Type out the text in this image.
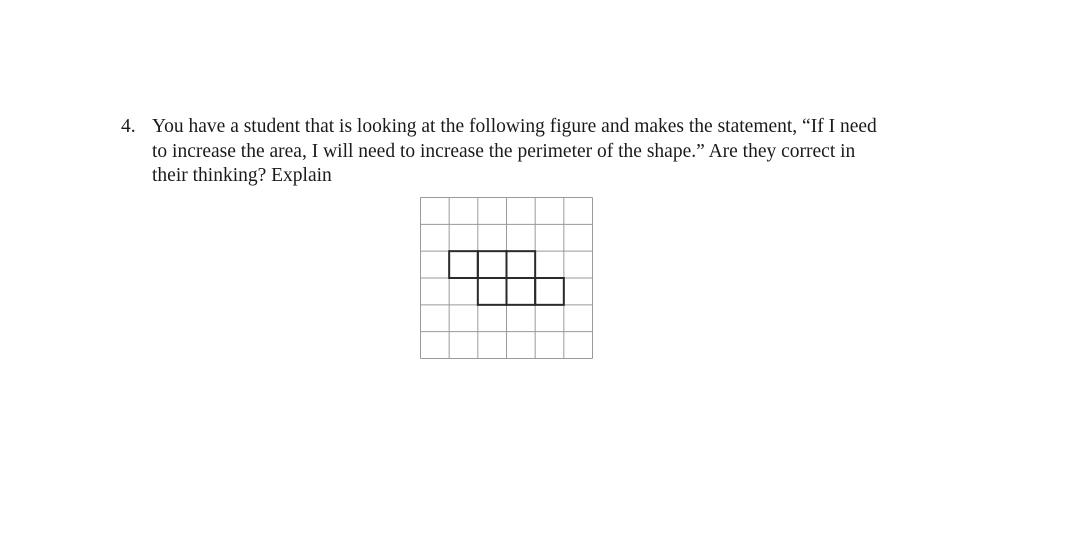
4. You have a student that is looking at the following figure and makes the statement, “If I need
to increase the area, I will need to increase the perimeter of the shape.” Are they correct in
their thinking? Explain
